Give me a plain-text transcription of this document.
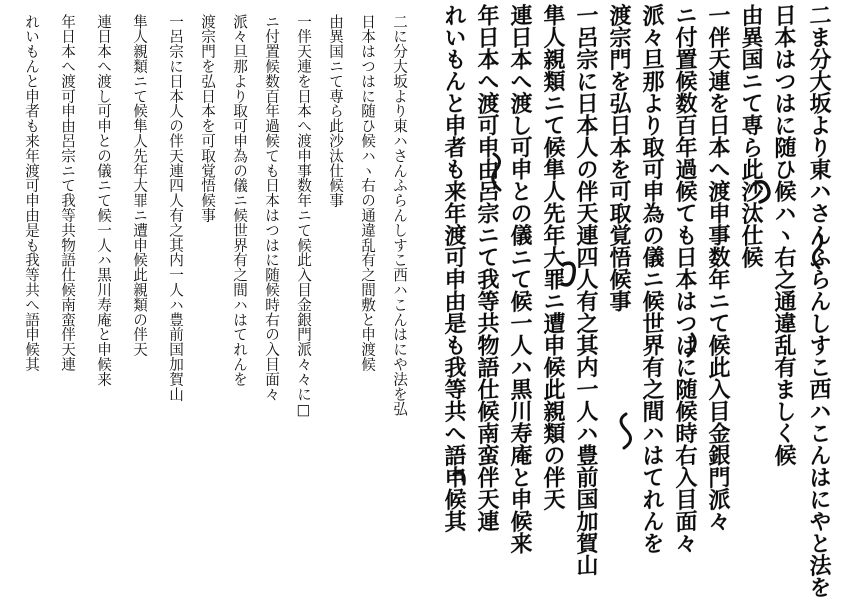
二に分大坂より東ハさんふらんしすこ西ハこんはにや法を弘
日本はつはに随ひ候ハヽ右の通違乱有之間敷と申渡候
由異国ニて専ら此沙汰仕候事
一伴天連を日本へ渡申事数年ニて候此入目金銀門派々々に□
ニ付置候数百年過候ても日本はつはに随候時右の入目面々
派々旦那より取可申為の儀ニ候世界有之間ハはてれんを
渡宗門を弘日本を可取覚悟候事
一呂宗に日本人の伴天連四人有之其内一人ハ豊前国加賀山
隼人親類ニて候隼人先年大罪ニ遭申候此親類の伴天
連日本へ渡し可申との儀ニて候一人ハ黒川寿庵と申候来
年日本へ渡可申由呂宗ニて我等共物語仕候南蛮伴天連
れいもんと申者も来年渡可申由是も我等共へ語申候其	二ま分大坂より東ハさんふらんしすこ西ハこんはにやと法を
日本はつはに随ひ候ハヽ右之通違乱有ましく候
由異国ニて専ら此沙汰仕候
一伴天連を日本へ渡申事数年ニて候此入目金銀門派々
ニ付置候数百年過候ても日本はつはに随候時右入目面々
派々旦那より取可申為の儀ニ候世界有之間ハはてれんを
渡宗門を弘日本を可取覚悟候事
一呂宗に日本人の伴天連四人有之其内一人ハ豊前国加賀山
隼人親類ニて候隼人先年大罪ニ遭申候此親類の伴天
連日本へ渡し可申との儀ニて候一人ハ黒川寿庵と申候来
年日本へ渡可申由呂宗ニて我等共物語仕候南蛮伴天連
れいもんと申者も来年渡可申由是も我等共へ語申候其
